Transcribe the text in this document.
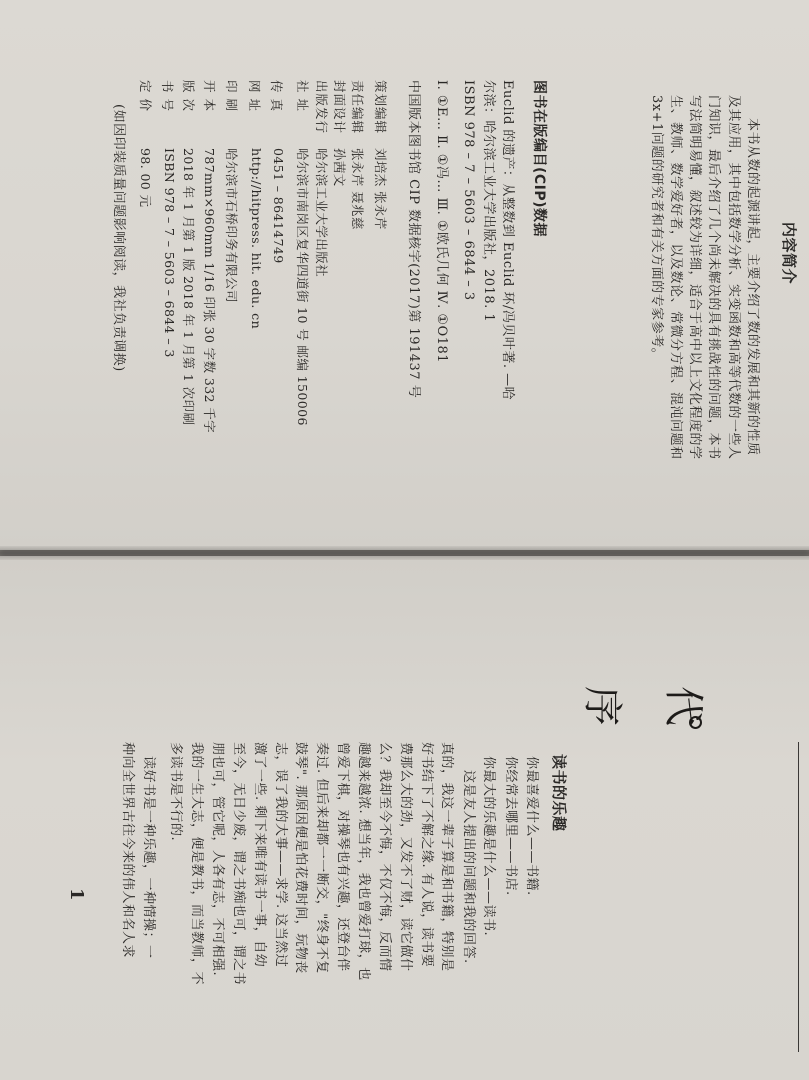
内容简介
本书从数的起源讲起，主要介绍了数的发展和其新的性质
及其应用，其中包括数学分析、实变函数和高等代数的一些人
门知识，最后介绍了几个尚未解决的具有挑战性的问题，本书
写法简明易懂，叙述较为详细，适合于高中以上文化程度的学
生、教师、数学爱好者，以及数论、常微分方程、混沌问题和
3x+1问题的研究者和有关方面的专家参考。
图书在版编目(CIP)数据
Euclid 的遗产：从整数到 Euclid 环/冯贝叶著. —哈
尔滨：哈尔滨工业大学出版社，2018. 1
ISBN 978 – 7 – 5603 – 6844 – 3
Ⅰ. ①E… Ⅱ. ①冯… Ⅲ. ①欧氏几何 Ⅳ. ①O181
中国版本图书馆 CIP 数据核字(2017)第 191437 号
策划编辑
刘培杰 张永芹
责任编辑
张永芹 聂兆慈
封面设计
孙茜文
出版发行
哈尔滨工业大学出版社
社 址
哈尔滨市南岗区复华四道街 10 号 邮编 150006
传 真
0451 – 86414749
网 址
http://hitpress. hit. edu. cn
印 刷
哈尔滨市石桥印务有限公司
开 本
787mm×960mm 1/16 印张 30 字数 332 千字
版 次
2018 年 1 月第 1 版 2018 年 1 月第 1 次印刷
书 号
ISBN 978 – 7 – 5603 – 6844 – 3
定 价
98. 00 元
(如因印装质量问题影响阅读，我社负责调换)
代
序
读书的乐趣
你最喜爱什么——书籍.
你经常去哪里——书店.
你最大的乐趣是什么——读书.
这是友人提出的问题和我的回答.
真的，我这一辈子算是和书籍，特别是
好书结下了不解之缘. 有人说，读书要
费那么大的劲，又发不了财，读它做什
么？我却至今不悔，不仅不悔，反而情
趣越来越浓. 想当年，我也曾爱打球，也
曾爱下棋，对操琴也有兴趣，还登台伴
奏过. 但后来却都一一断交，"终身不复
鼓琴". 那原因便是怕花费时间，玩物丧
志，误了我的大事——求学. 这当然过
激了一些. 剩下来唯有读书一事，自幼
至今，无日少废，谓之书痴也可，谓之书
朋也可，管它呢，人各有志，不可相强.
我的一生大志，便是教书，而当教师，不
多读书是不行的.
读好书是一种乐趣，一种情操；一
种向全世界古往今来的伟人和名人求
1
